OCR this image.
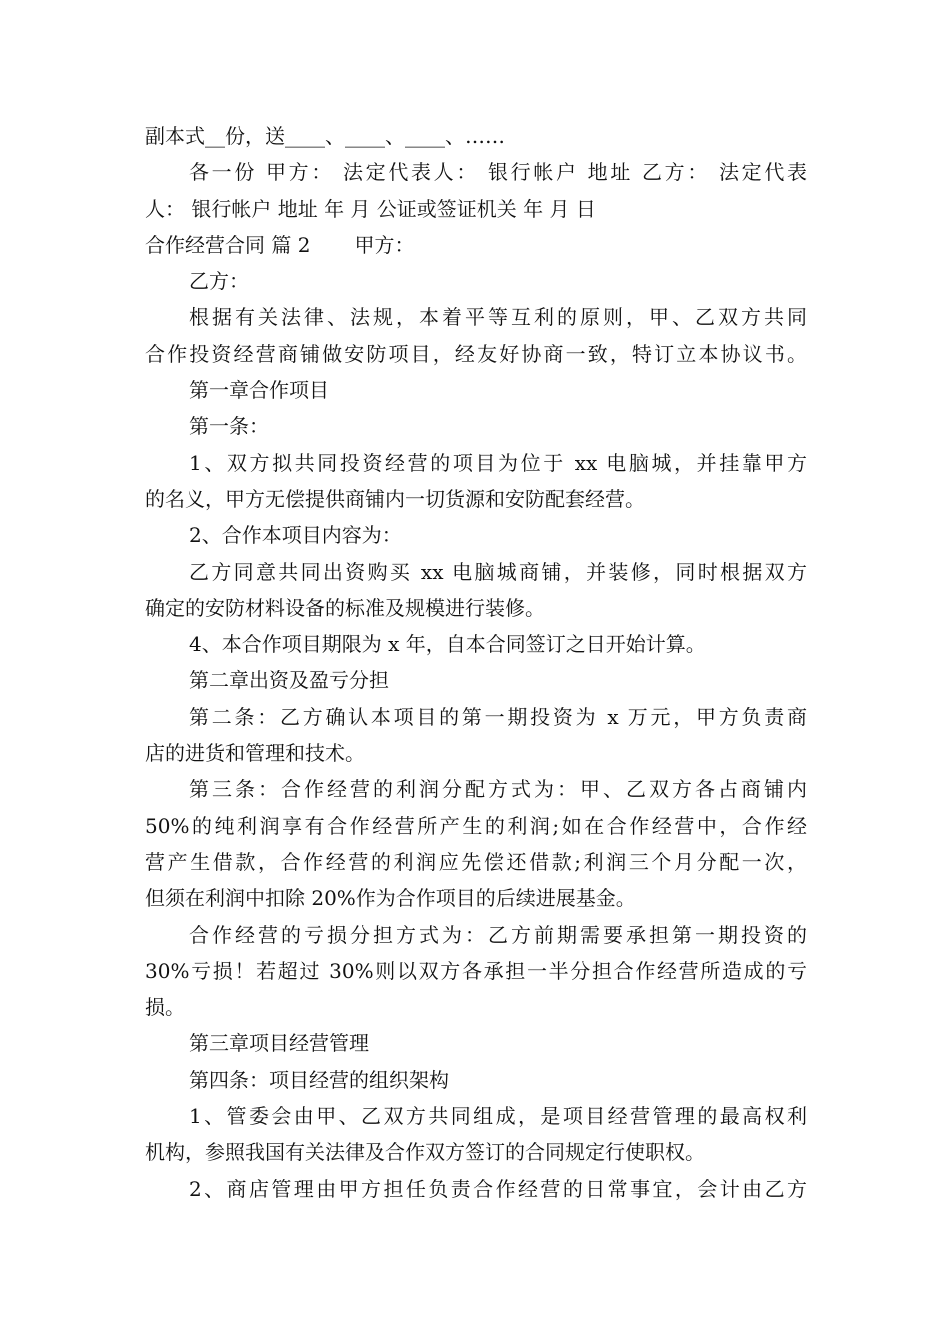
副本式__份，送____、____、____、……
各一份 甲方： 法定代表人： 银行帐户 地址 乙方： 法定代表
人： 银行帐户 地址 年 月 公证或签证机关 年 月 日
合作经营合同 篇 2 甲方：
乙方：
根据有关法律、法规，本着平等互利的原则，甲、乙双方共同
合作投资经营商铺做安防项目，经友好协商一致，特订立本协议书。
第一章合作项目
第一条：
1、双方拟共同投资经营的项目为位于 xx 电脑城，并挂靠甲方
的名义，甲方无偿提供商铺内一切货源和安防配套经营。
2、合作本项目内容为：
乙方同意共同出资购买 xx 电脑城商铺，并装修，同时根据双方
确定的安防材料设备的标准及规模进行装修。
4、本合作项目期限为 x 年，自本合同签订之日开始计算。
第二章出资及盈亏分担
第二条：乙方确认本项目的第一期投资为 x 万元，甲方负责商
店的进货和管理和技术。
第三条：合作经营的利润分配方式为：甲、乙双方各占商铺内
50%的纯利润享有合作经营所产生的利润;如在合作经营中，合作经
营产生借款，合作经营的利润应先偿还借款;利润三个月分配一次，
但须在利润中扣除 20%作为合作项目的后续进展基金。
合作经营的亏损分担方式为：乙方前期需要承担第一期投资的
30%亏损！若超过 30%则以双方各承担一半分担合作经营所造成的亏
损。
第三章项目经营管理
第四条：项目经营的组织架构
1、管委会由甲、乙双方共同组成，是项目经营管理的最高权利
机构，参照我国有关法律及合作双方签订的合同规定行使职权。
2、商店管理由甲方担任负责合作经营的日常事宜，会计由乙方
